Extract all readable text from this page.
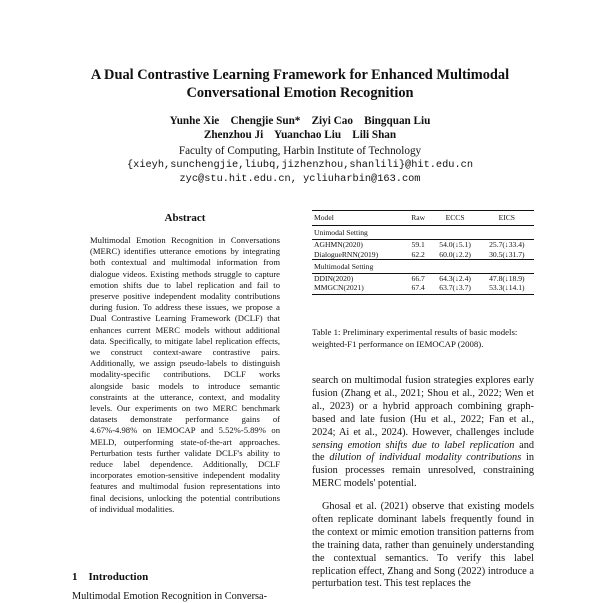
A Dual Contrastive Learning Framework for Enhanced Multimodal
Conversational Emotion Recognition
Yunhe Xie    Chengjie Sun*    Ziyi Cao    Bingquan Liu
Zhenzhou Ji    Yuanchao Liu    Lili Shan
Faculty of Computing, Harbin Institute of Technology
{xieyh,sunchengjie,liubq,jizhenzhou,shanlili}@hit.edu.cn
zyc@stu.hit.edu.cn, ycliuharbin@163.com
Abstract
Multimodal Emotion Recognition in Conversations (MERC) identifies utterance emotions by integrating both contextual and multimodal information from dialogue videos. Existing methods struggle to capture emotion shifts due to label replication and fail to preserve positive independent modality contributions during fusion. To address these issues, we propose a Dual Contrastive Learning Framework (DCLF) that enhances current MERC models without additional data. Specifically, to mitigate label replication effects, we construct context-aware contrastive pairs. Additionally, we assign pseudo-labels to distinguish modality-specific contributions. DCLF works alongside basic models to introduce semantic constraints at the utterance, context, and modality levels. Our experiments on two MERC benchmark datasets demonstrate performance gains of 4.67%-4.98% on IEMOCAP and 5.52%-5.89% on MELD, outperforming state-of-the-art approaches. Perturbation tests further validate DCLF's ability to reduce label dependence. Additionally, DCLF incorporates emotion-sensitive independent modality features and multimodal fusion representations into final decisions, unlocking the potential contributions of individual modalities.
1    Introduction
Multimodal Emotion Recognition in Conversa-
Model	Raw	ECCS	EICS
Unimodal Setting			
AGHMN(2020)	59.1	54.0(↓5.1)	25.7(↓33.4)
DialogueRNN(2019)	62.2	60.0(↓2.2)	30.5(↓31.7)
Multimodal Setting			
DDIN(2020)	66.7	64.3(↓2.4)	47.8(↓18.9)
MMGCN(2021)	67.4	63.7(↓3.7)	53.3(↓14.1)
Table 1: Preliminary experimental results of basic models: weighted-F1 performance on IEMOCAP (2008).
search on multimodal fusion strategies explores early fusion (Zhang et al., 2021; Shou et al., 2022; Wen et al., 2023) or a hybrid approach combining graph-based and late fusion (Hu et al., 2022; Fan et al., 2024; Ai et al., 2024). However, challenges include sensing emotion shifts due to label replication and the dilution of individual modality contributions in fusion processes remain unresolved, constraining MERC models' potential.
Ghosal et al. (2021) observe that existing models often replicate dominant labels frequently found in the context or mimic emotion transition patterns from the training data, rather than genuinely understanding the contextual semantics. To verify this label replication effect, Zhang and Song (2022) introduce a perturbation test. This test replaces the
